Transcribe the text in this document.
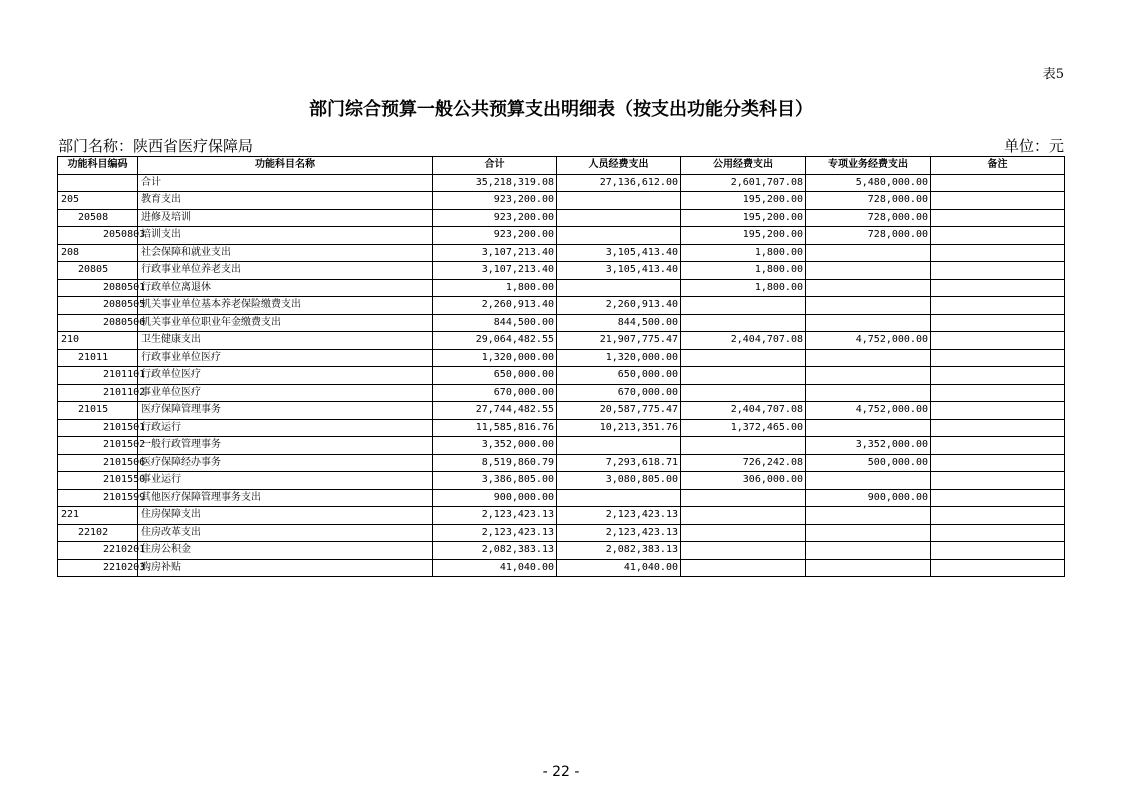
表5
部门综合预算一般公共预算支出明细表（按支出功能分类科目）
部门名称：陕西省医疗保障局	单位：元
功能科目编码	功能科目名称	合计	人员经费支出	公用经费支出	专项业务经费支出	备注
	合计	35,218,319.08	27,136,612.00	2,601,707.08	5,480,000.00	
205	教育支出	923,200.00		195,200.00	728,000.00	
20508	进修及培训	923,200.00		195,200.00	728,000.00	
2050803	培训支出	923,200.00		195,200.00	728,000.00	
208	社会保障和就业支出	3,107,213.40	3,105,413.40	1,800.00		
20805	行政事业单位养老支出	3,107,213.40	3,105,413.40	1,800.00		
2080501	行政单位离退休	1,800.00		1,800.00		
2080505	机关事业单位基本养老保险缴费支出	2,260,913.40	2,260,913.40			
2080506	机关事业单位职业年金缴费支出	844,500.00	844,500.00			
210	卫生健康支出	29,064,482.55	21,907,775.47	2,404,707.08	4,752,000.00	
21011	行政事业单位医疗	1,320,000.00	1,320,000.00			
2101101	行政单位医疗	650,000.00	650,000.00			
2101102	事业单位医疗	670,000.00	670,000.00			
21015	医疗保障管理事务	27,744,482.55	20,587,775.47	2,404,707.08	4,752,000.00	
2101501	行政运行	11,585,816.76	10,213,351.76	1,372,465.00		
2101502	一般行政管理事务	3,352,000.00			3,352,000.00	
2101506	医疗保障经办事务	8,519,860.79	7,293,618.71	726,242.08	500,000.00	
2101550	事业运行	3,386,805.00	3,080,805.00	306,000.00		
2101599	其他医疗保障管理事务支出	900,000.00			900,000.00	
221	住房保障支出	2,123,423.13	2,123,423.13			
22102	住房改革支出	2,123,423.13	2,123,423.13			
2210201	住房公积金	2,082,383.13	2,082,383.13			
2210203	购房补贴	41,040.00	41,040.00			
- 22 -
